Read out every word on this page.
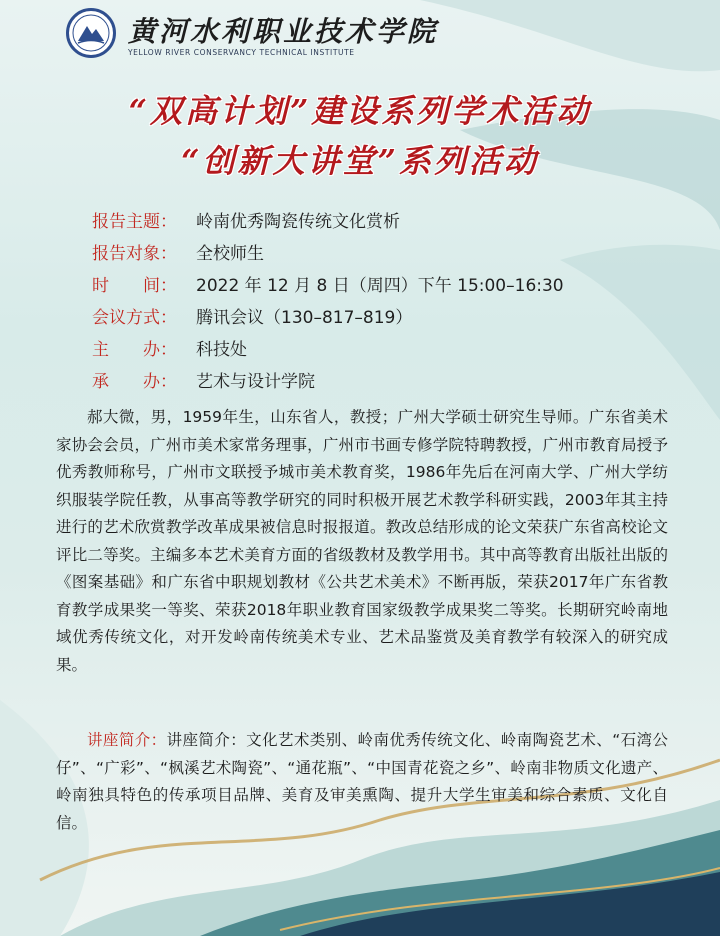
黄河水利职业技术学院
YELLOW RIVER CONSERVANCY TECHNICAL INSTITUTE
“双高计划”建设系列学术活动
“创新大讲堂”系列活动
报告主题： 岭南优秀陶瓷传统文化赏析
报告对象： 全校师生
时　　间： 2022 年 12 月 8 日（周四）下午 15:00–16:30
会议方式： 腾讯会议（130–817–819）
主　　办： 科技处
承　　办： 艺术与设计学院

郝大微，男，1959年生，山东省人，教授；广州大学硕士研究生导师。广东省美术家协会会员，广州市美术家常务理事，广州市书画专修学院特聘教授，广州市教育局授予优秀教师称号，广州市文联授予城市美术教育奖，1986年先后在河南大学、广州大学纺织服装学院任教，从事高等教学研究的同时积极开展艺术教学科研实践，2003年其主持进行的艺术欣赏教学改革成果被信息时报报道。教改总结形成的论文荣获广东省高校论文评比二等奖。主编多本艺术美育方面的省级教材及教学用书。其中高等教育出版社出版的《图案基础》和广东省中职规划教材《公共艺术美术》不断再版，荣获2017年广东省教育教学成果奖一等奖、荣获2018年职业教育国家级教学成果奖二等奖。长期研究岭南地域优秀传统文化，对开发岭南传统美术专业、艺术品鉴赏及美育教学有较深入的研究成果。

讲座简介：讲座简介：文化艺术类别、岭南优秀传统文化、岭南陶瓷艺术、“石湾公仔”、“广彩”、“枫溪艺术陶瓷”、“通花瓶”、“中国青花瓷之乡”、岭南非物质文化遗产、岭南独具特色的传承项目品牌、美育及审美熏陶、提升大学生审美和综合素质、文化自信。
